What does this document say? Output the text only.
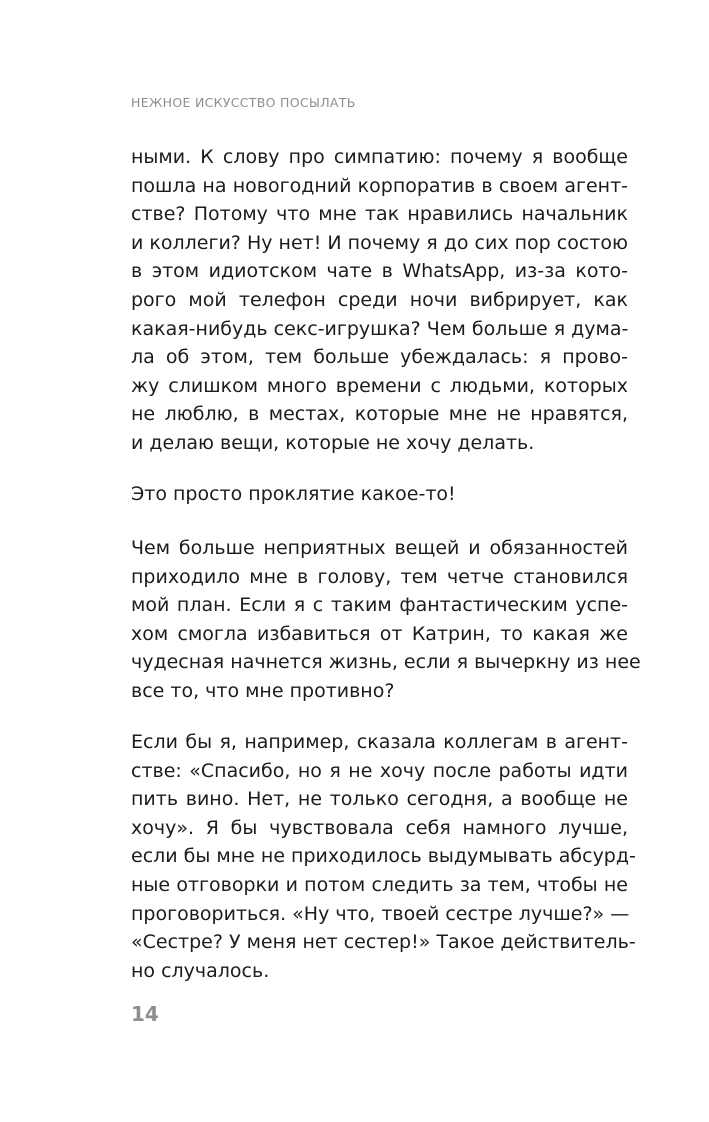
НЕЖНОЕ ИСКУССТВО ПОСЫЛАТЬ
ными. К слову про симпатию: почему я вообще
пошла на новогодний корпоратив в своем агент-
стве? Потому что мне так нравились начальник
и коллеги? Ну нет! И почему я до сих пор состою
в этом идиотском чате в WhatsApp, из-за кото-
рого мой телефон среди ночи вибрирует, как
какая-нибудь секс-игрушка? Чем больше я дума-
ла об этом, тем больше убеждалась: я прово-
жу слишком много времени с людьми, которых
не люблю, в местах, которые мне не нравятся,
и делаю вещи, которые не хочу делать.
Это просто проклятие какое-то!
Чем больше неприятных вещей и обязанностей
приходило мне в голову, тем четче становился
мой план. Если я с таким фантастическим успе-
хом смогла избавиться от Катрин, то какая же
чудесная начнется жизнь, если я вычеркну из нее
все то, что мне противно?
Если бы я, например, сказала коллегам в агент-
стве: «Спасибо, но я не хочу после работы идти
пить вино. Нет, не только сегодня, а вообще не
хочу». Я бы чувствовала себя намного лучше,
если бы мне не приходилось выдумывать абсурд-
ные отговорки и потом следить за тем, чтобы не
проговориться. «Ну что, твоей сестре лучше?» —
«Сестре? У меня нет сестер!» Такое действитель-
но случалось.
14
